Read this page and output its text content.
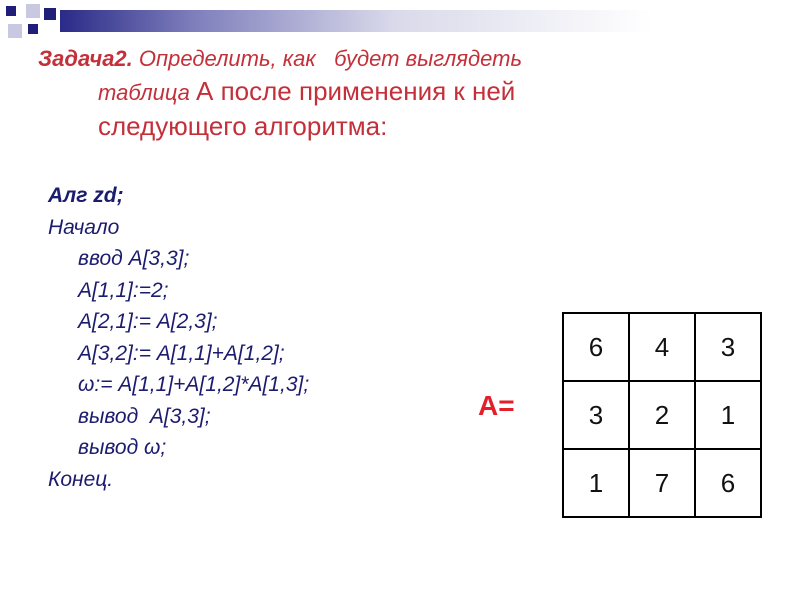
Задача2. Определить, как   будет выглядеть
таблица А после применения к ней
следующего алгоритма:
Алг zd;
Начало
ввод А[3,3];
А[1,1]:=2;
А[2,1]:= А[2,3];
А[3,2]:= А[1,1]+А[1,2];
ω:= А[1,1]+А[1,2]*А[1,3];
вывод  А[3,3];
вывод ω;
Конец.
А=
6	4	3
3	2	1
1	7	6
